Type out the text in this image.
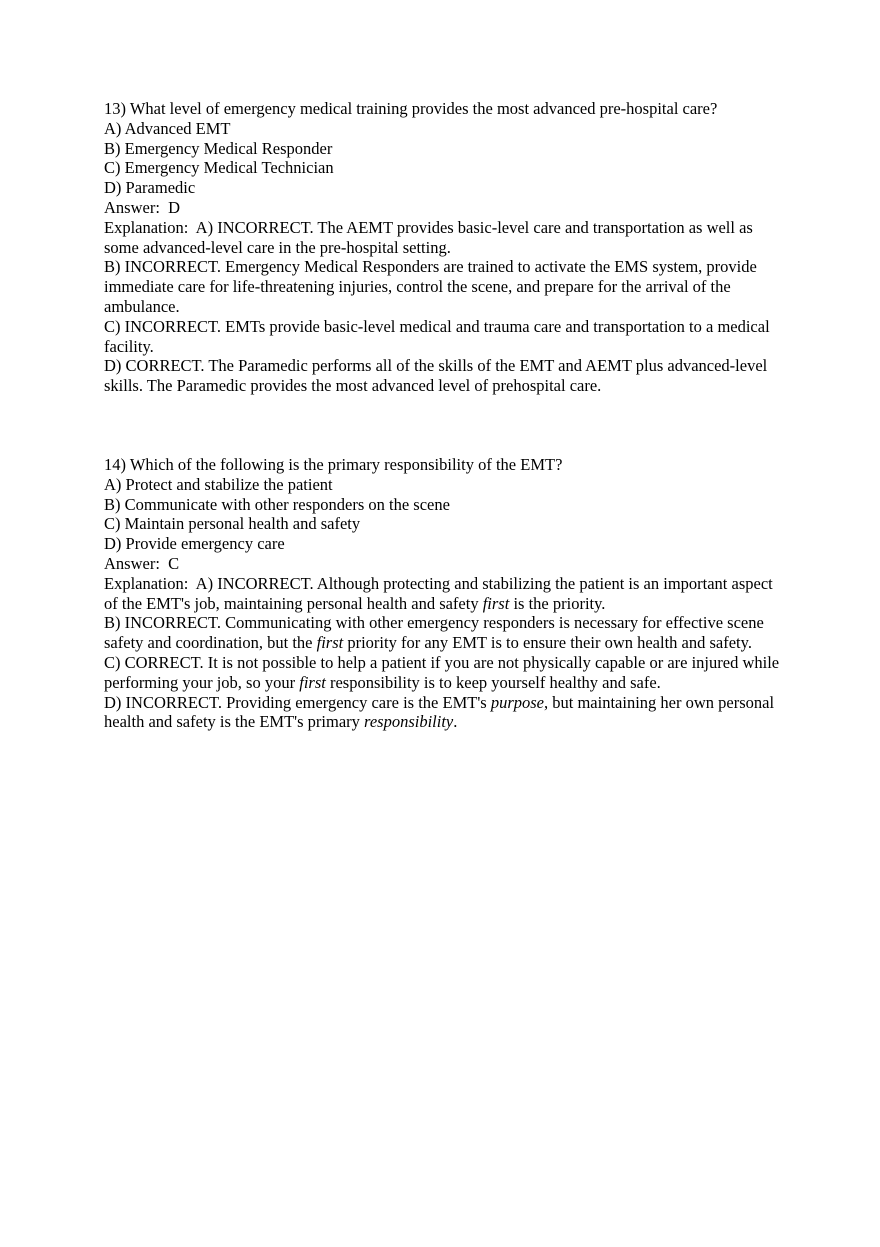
13) What level of emergency medical training provides the most advanced pre-hospital care?

A) Advanced EMT

B) Emergency Medical Responder

C) Emergency Medical Technician

D) Paramedic

Answer:  D

Explanation:  A) INCORRECT. The AEMT provides basic-level care and transportation as well as some advanced-level care in the pre-hospital setting.

B) INCORRECT. Emergency Medical Responders are trained to activate the EMS system, provide immediate care for life-threatening injuries, control the scene, and prepare for the arrival of the ambulance.

C) INCORRECT. EMTs provide basic-level medical and trauma care and transportation to a medical facility.

D) CORRECT. The Paramedic performs all of the skills of the EMT and AEMT plus advanced-level skills. The Paramedic provides the most advanced level of prehospital care.

14) Which of the following is the primary responsibility of the EMT?

A) Protect and stabilize the patient

B) Communicate with other responders on the scene

C) Maintain personal health and safety

D) Provide emergency care

Answer:  C

Explanation:  A) INCORRECT. Although protecting and stabilizing the patient is an important aspect of the EMT's job, maintaining personal health and safety first is the priority.

B) INCORRECT. Communicating with other emergency responders is necessary for effective scene safety and coordination, but the first priority for any EMT is to ensure their own health and safety.

C) CORRECT. It is not possible to help a patient if you are not physically capable or are injured while performing your job, so your first responsibility is to keep yourself healthy and safe.

D) INCORRECT. Providing emergency care is the EMT's purpose, but maintaining her own personal health and safety is the EMT's primary responsibility.
